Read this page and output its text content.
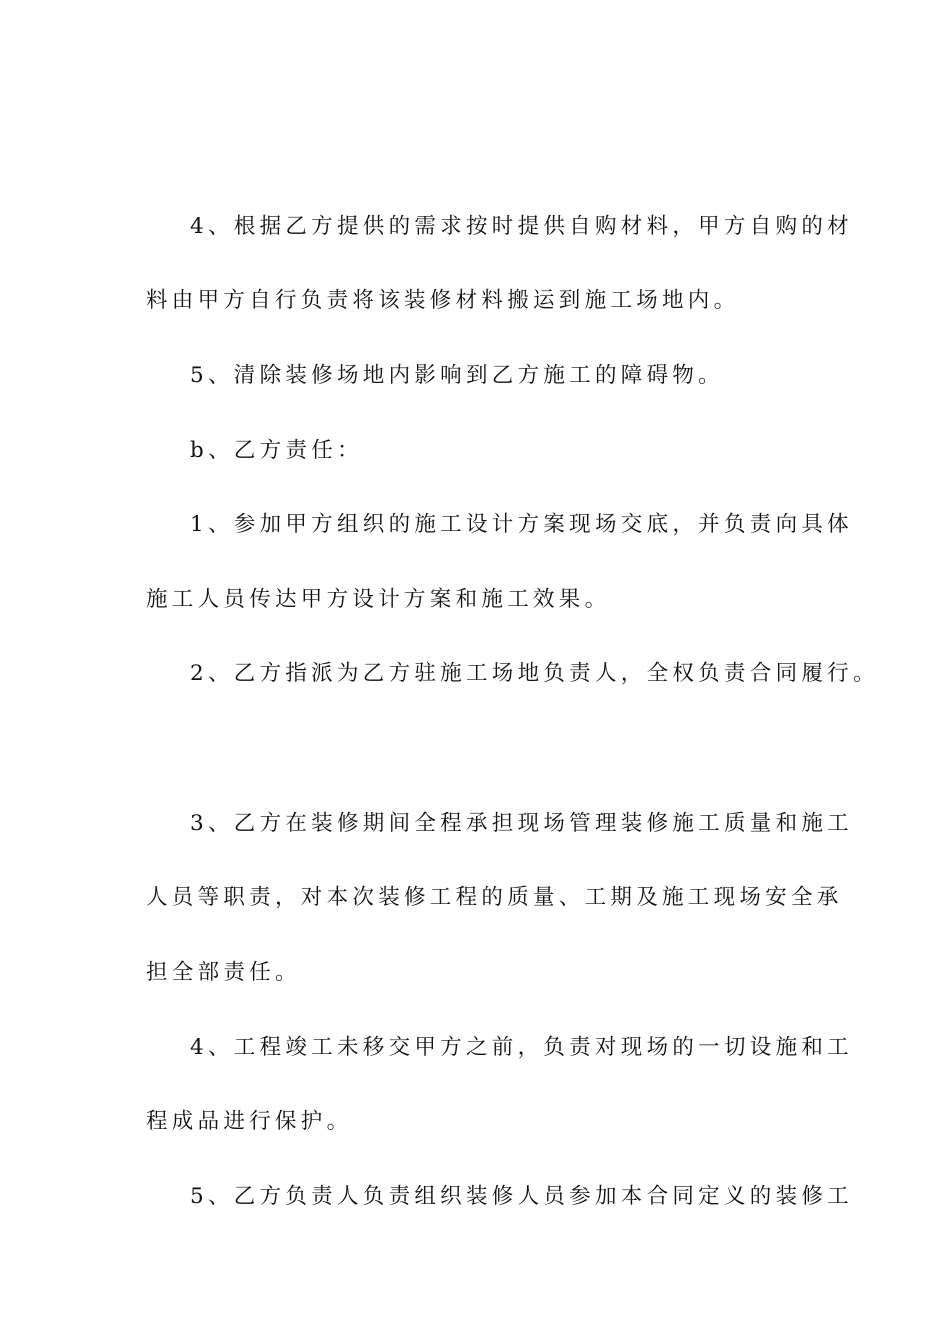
4、根据乙方提供的需求按时提供自购材料，甲方自购的材
料由甲方自行负责将该装修材料搬运到施工场地内。
5、清除装修场地内影响到乙方施工的障碍物。
b、乙方责任：
1、参加甲方组织的施工设计方案现场交底，并负责向具体
施工人员传达甲方设计方案和施工效果。
2、乙方指派为乙方驻施工场地负责人，全权负责合同履行。
3、乙方在装修期间全程承担现场管理装修施工质量和施工
人员等职责，对本次装修工程的质量、工期及施工现场安全承
担全部责任。
4、工程竣工未移交甲方之前，负责对现场的一切设施和工
程成品进行保护。
5、乙方负责人负责组织装修人员参加本合同定义的装修工
